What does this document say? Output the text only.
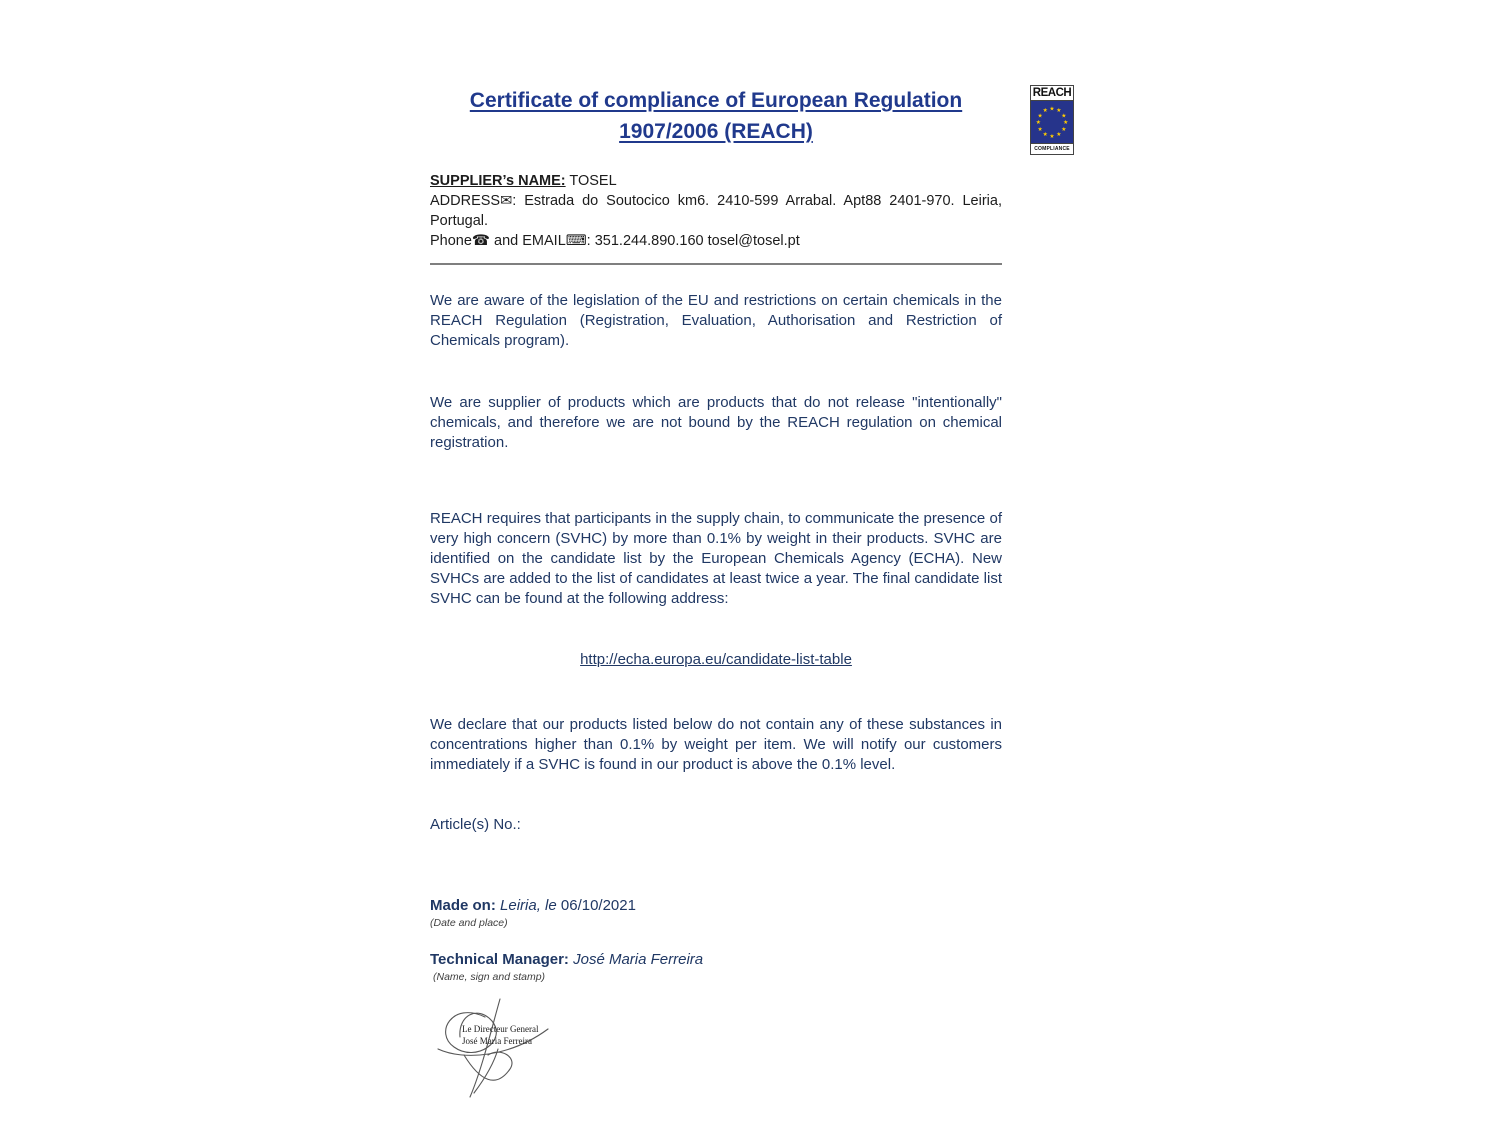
REACH
★ ★
★
★
★
★
★
★
★
★
★
★
COMPLIANCE
Certificate of compliance of European Regulation
1907/2006 (REACH)
SUPPLIER’s NAME: TOSEL
ADDRESS✉: Estrada do Soutocico km6. 2410-599 Arrabal. Apt88 2401-970. Leiria, Portugal.
Phone☎ and EMAIL⌨: 351.244.890.160 tosel@tosel.pt

We are aware of the legislation of the EU and restrictions on certain chemicals in the REACH Regulation (Registration, Evaluation, Authorisation and Restriction of Chemicals program).

We are supplier of products which are products that do not release "intentionally" chemicals, and therefore we are not bound by the REACH regulation on chemical registration.

REACH requires that participants in the supply chain, to communicate the presence of very high concern (SVHC) by more than 0.1% by weight in their products. SVHC are identified on the candidate list by the European Chemicals Agency (ECHA). New SVHCs are added to the list of candidates at least twice a year. The final candidate list SVHC can be found at the following address:

http://echa.europa.eu/candidate-list-table

We declare that our products listed below do not contain any of these substances in concentrations higher than 0.1% by weight per item. We will notify our customers immediately if a SVHC is found in our product is above the 0.1% level.

Article(s) No.:

Made on: Leiria, le 06/10/2021
(Date and place)
Technical Manager: José Maria Ferreira
(Name, sign and stamp)
Le Directeur General
José Maria Ferreira
